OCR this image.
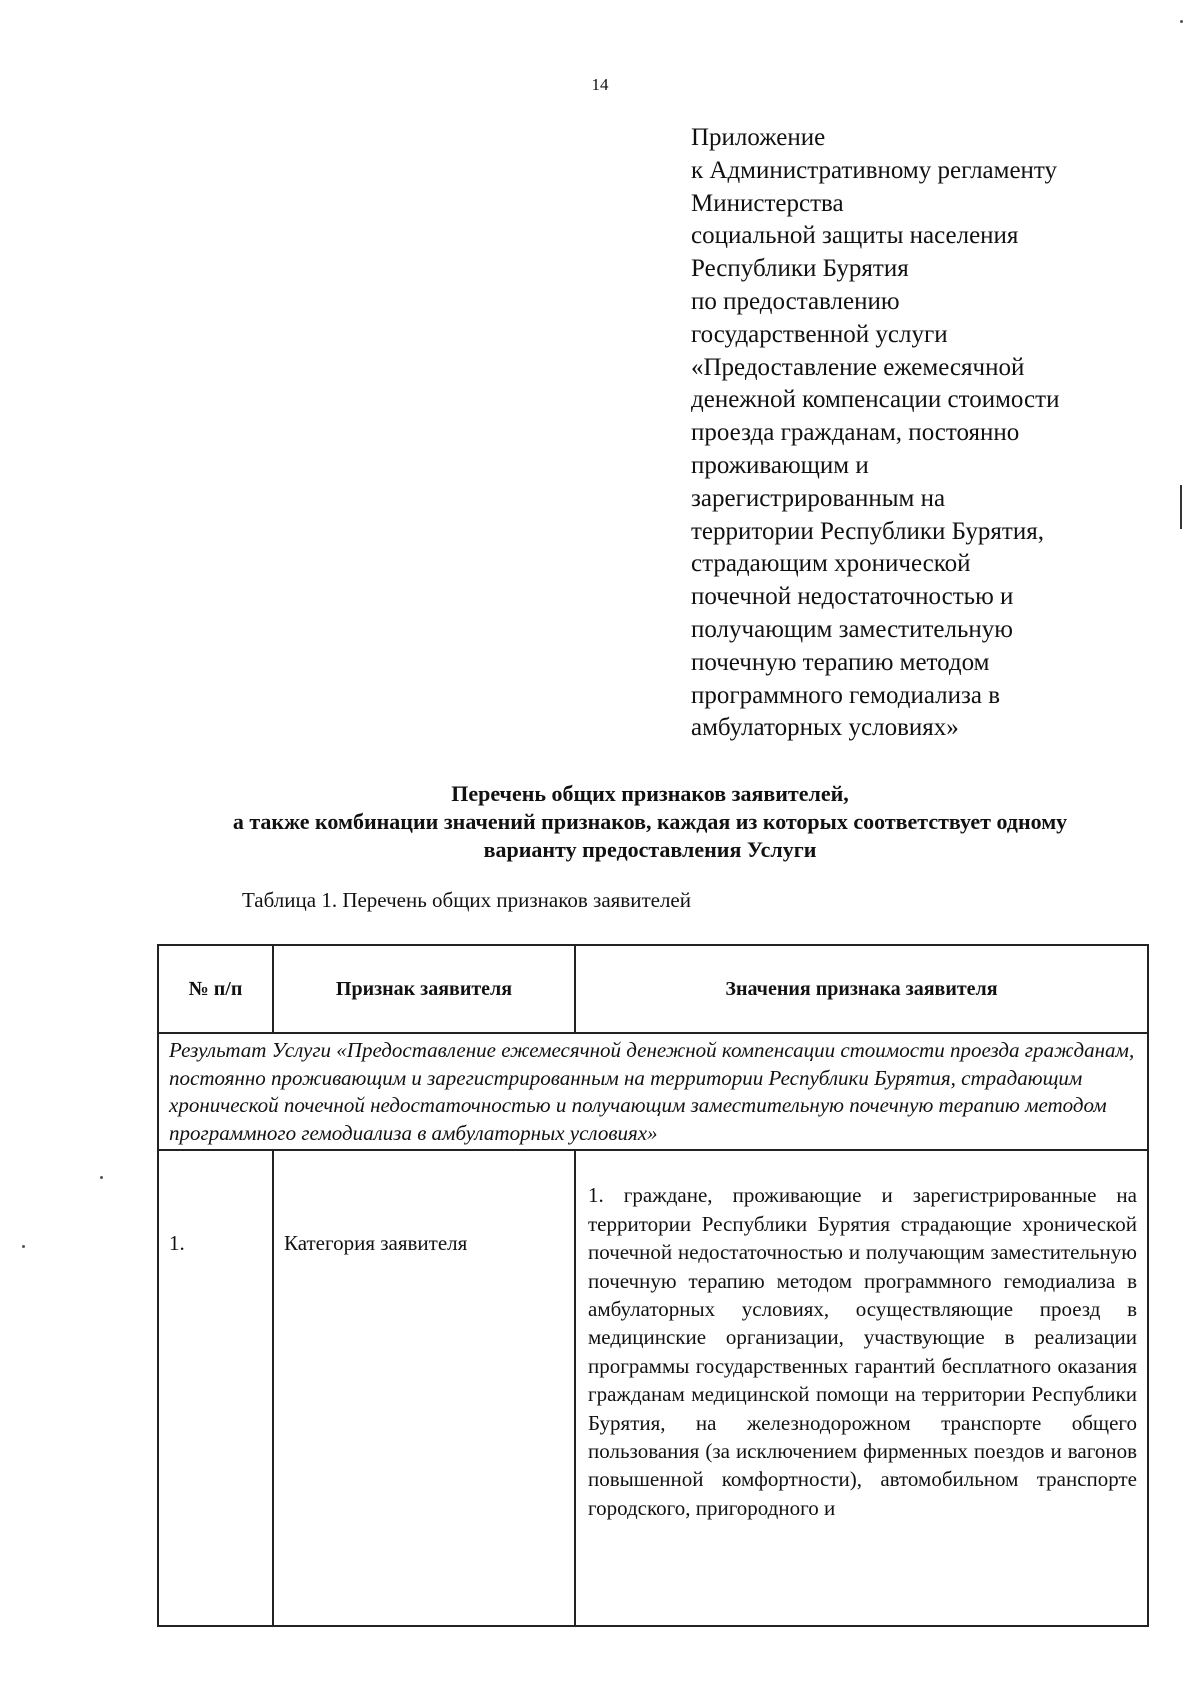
14
Приложение
к Административному регламенту
Министерства
социальной защиты населения
Республики Бурятия
по предоставлению
государственной услуги
«Предоставление ежемесячной
денежной компенсации стоимости
проезда гражданам, постоянно
проживающим и
зарегистрированным на
территории Республики Бурятия,
страдающим хронической
почечной недостаточностью и
получающим заместительную
почечную терапию методом
программного гемодиализа в
амбулаторных условиях»
Перечень общих признаков заявителей,
а также комбинации значений признаков, каждая из которых соответствует одному
варианту предоставления Услуги
Таблица 1. Перечень общих признаков заявителей
№ п/п	Признак заявителя	Значения признака заявителя
Результат Услуги «Предоставление ежемесячной денежной компенсации стоимости проезда гражданам, постоянно проживающим и зарегистрированным на территории Республики Бурятия, страдающим хронической почечной недостаточностью и получающим заместительную почечную терапию методом программного гемодиализа в амбулаторных условиях»		
1.	Категория заявителя	1. граждане, проживающие и зарегистрированные на территории Республики Бурятия страдающие хронической почечной недостаточностью и получающим заместительную почечную терапию методом программного гемодиализа в амбулаторных условиях, осуществляющие проезд в медицинские организации, участвующие в реализации программы государственных гарантий бесплатного оказания гражданам медицинской помощи на территории Республики Бурятия, на железнодорожном транспорте общего пользования (за исключением фирменных поездов и вагонов повышенной комфортности), автомобильном транспорте городского, пригородного и
